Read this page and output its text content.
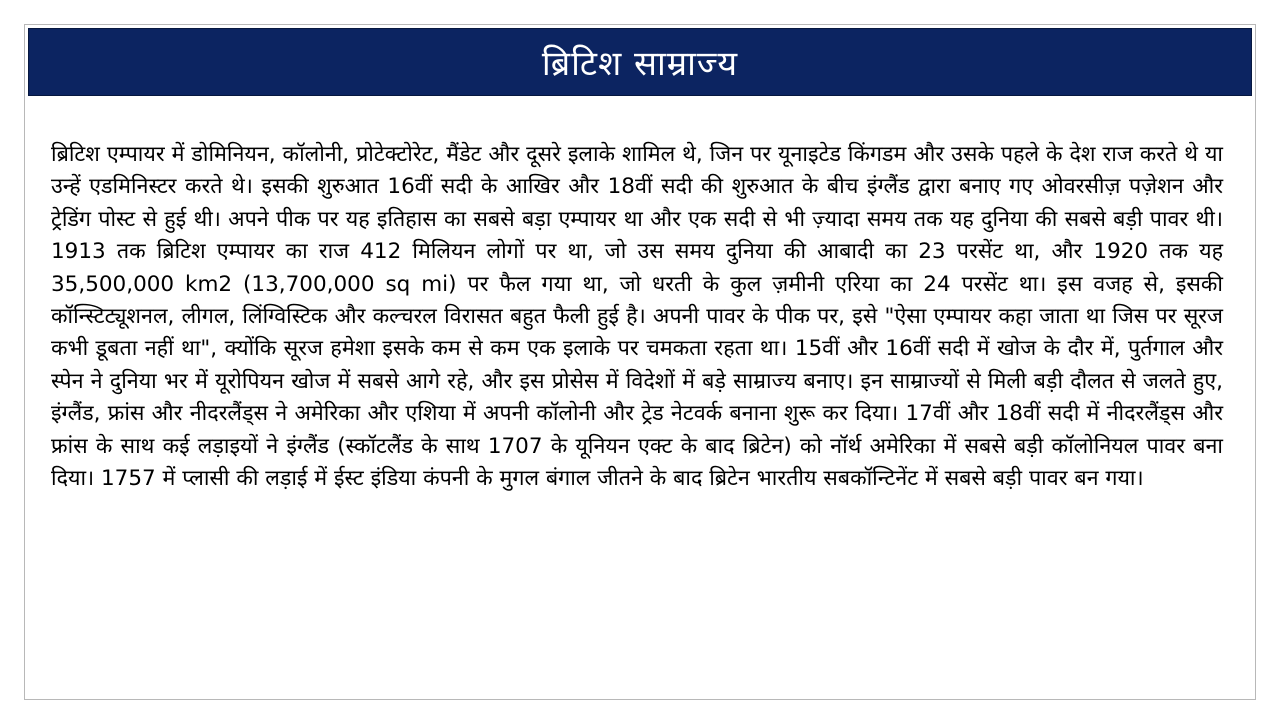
ब्रिटिश साम्राज्य

ब्रिटिश एम्पायर में डोमिनियन, कॉलोनी, प्रोटेक्टोरेट, मैंडेट और दूसरे इलाके शामिल थे, जिन पर यूनाइटेड किंगडम और उसके पहले के देश राज करते थे या उन्हें एडमिनिस्टर करते थे। इसकी शुरुआत 16वीं सदी के आखिर और 18वीं सदी की शुरुआत के बीच इंग्लैंड द्वारा बनाए गए ओवरसीज़ पज़ेशन और ट्रेडिंग पोस्ट से हुई थी। अपने पीक पर यह इतिहास का सबसे बड़ा एम्पायर था और एक सदी से भी ज़्यादा समय तक यह दुनिया की सबसे बड़ी पावर थी। 1913 तक ब्रिटिश एम्पायर का राज 412 मिलियन लोगों पर था, जो उस समय दुनिया की आबादी का 23 परसेंट था, और 1920 तक यह 35,500,000 km2 (13,700,000 sq mi) पर फैल गया था, जो धरती के कुल ज़मीनी एरिया का 24 परसेंट था। इस वजह से, इसकी कॉन्स्टिट्यूशनल, लीगल, लिंग्विस्टिक और कल्चरल विरासत बहुत फैली हुई है। अपनी पावर के पीक पर, इसे "ऐसा एम्पायर कहा जाता था जिस पर सूरज कभी डूबता नहीं था", क्योंकि सूरज हमेशा इसके कम से कम एक इलाके पर चमकता रहता था। 15वीं और 16वीं सदी में खोज के दौर में, पुर्तगाल और स्पेन ने दुनिया भर में यूरोपियन खोज में सबसे आगे रहे, और इस प्रोसेस में विदेशों में बड़े साम्राज्य बनाए। इन साम्राज्यों से मिली बड़ी दौलत से जलते हुए, इंग्लैंड, फ्रांस और नीदरलैंड्स ने अमेरिका और एशिया में अपनी कॉलोनी और ट्रेड नेटवर्क बनाना शुरू कर दिया। 17वीं और 18वीं सदी में नीदरलैंड्स और फ्रांस के साथ कई लड़ाइयों ने इंग्लैंड (स्कॉटलैंड के साथ 1707 के यूनियन एक्ट के बाद ब्रिटेन) को नॉर्थ अमेरिका में सबसे बड़ी कॉलोनियल पावर बना दिया। 1757 में प्लासी की लड़ाई में ईस्ट इंडिया कंपनी के मुगल बंगाल जीतने के बाद ब्रिटेन भारतीय सबकॉन्टिनेंट में सबसे बड़ी पावर बन गया।
